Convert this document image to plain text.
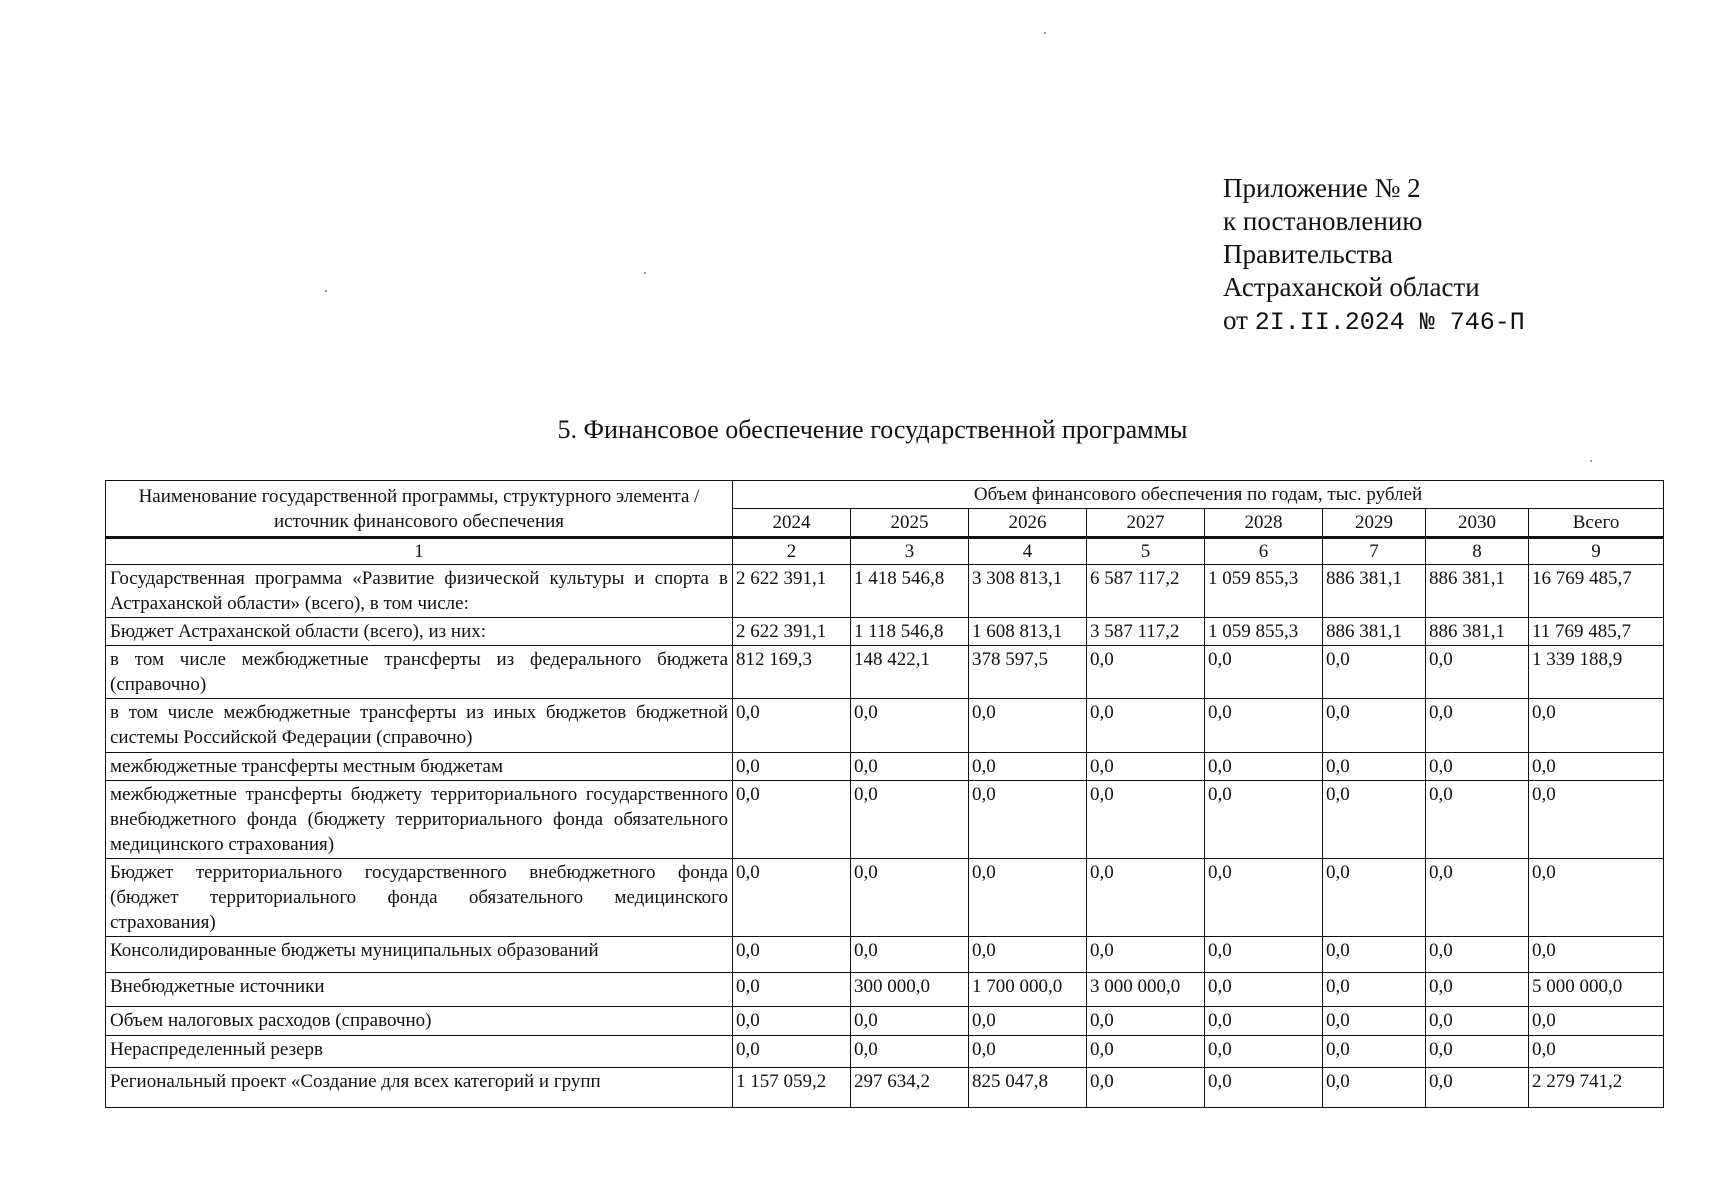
Приложение № 2
к постановлению
Правительства
Астраханской области
от 2I.II.2024 № 746-П
5. Финансовое обеспечение государственной программы
Наименование государственной программы, структурного элемента / источник финансового обеспечения	Объем финансового обеспечения по годам, тыс. рублей							
	2024	2025	2026	2027	2028	2029	2030	Всего
1	2	3	4	5	6	7	8	9
Государственная программа «Развитие физической культуры и спорта в Астраханской области» (всего), в том числе:	2 622 391,1	1 418 546,8	3 308 813,1	6 587 117,2	1 059 855,3	886 381,1	886 381,1	16 769 485,7
Бюджет Астраханской области (всего), из них:	2 622 391,1	1 118 546,8	1 608 813,1	3 587 117,2	1 059 855,3	886 381,1	886 381,1	11 769 485,7
в том числе межбюджетные трансферты из федерального бюджета (справочно)	812 169,3	148 422,1	378 597,5	0,0	0,0	0,0	0,0	1 339 188,9
в том числе межбюджетные трансферты из иных бюджетов бюджетной системы Российской Федерации (справочно)	0,0	0,0	0,0	0,0	0,0	0,0	0,0	0,0
межбюджетные трансферты местным бюджетам	0,0	0,0	0,0	0,0	0,0	0,0	0,0	0,0
межбюджетные трансферты бюджету территориального государственного внебюджетного фонда (бюджету территориального фонда обязательного медицинского страхования)	0,0	0,0	0,0	0,0	0,0	0,0	0,0	0,0
Бюджет территориального государственного внебюджетного фонда (бюджет территориального фонда обязательного медицинского страхования)	0,0	0,0	0,0	0,0	0,0	0,0	0,0	0,0
Консолидированные бюджеты муниципальных образований	0,0	0,0	0,0	0,0	0,0	0,0	0,0	0,0
Внебюджетные источники	0,0	300 000,0	1 700 000,0	3 000 000,0	0,0	0,0	0,0	5 000 000,0
Объем налоговых расходов (справочно)	0,0	0,0	0,0	0,0	0,0	0,0	0,0	0,0
Нераспределенный резерв	0,0	0,0	0,0	0,0	0,0	0,0	0,0	0,0
Региональный проект «Создание для всех категорий и групп	1 157 059,2	297 634,2	825 047,8	0,0	0,0	0,0	0,0	2 279 741,2
